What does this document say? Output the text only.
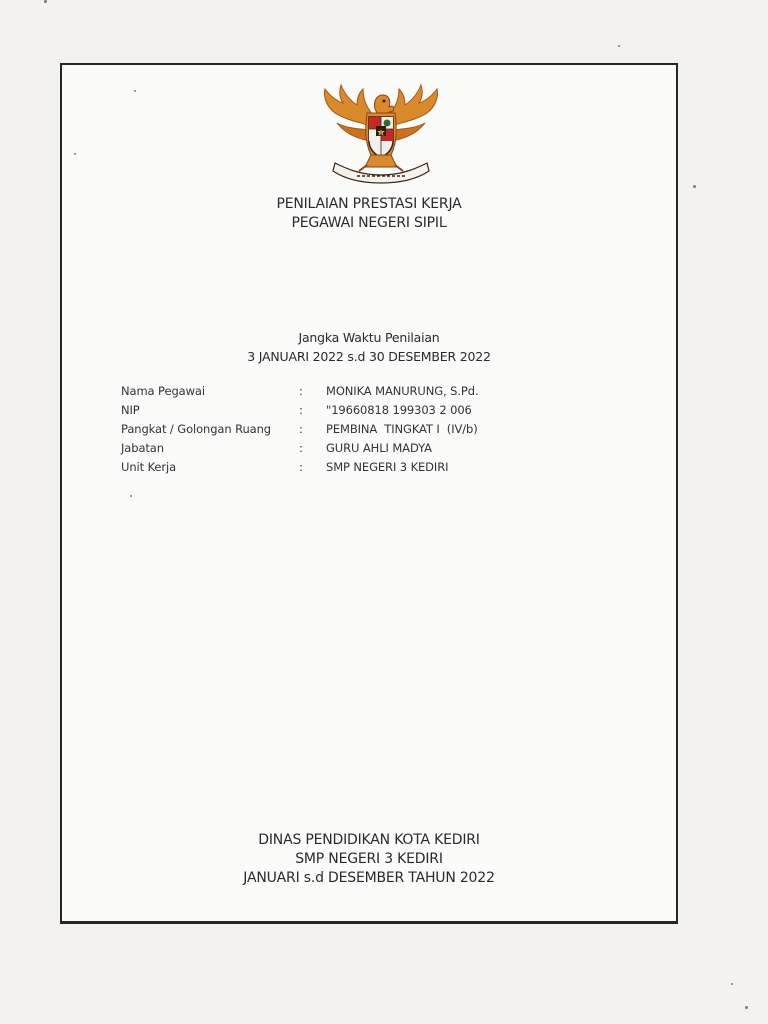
PENILAIAN PRESTASI KERJA
PEGAWAI NEGERI SIPIL
Jangka Waktu Penilaian
3 JANUARI 2022 s.d 30 DESEMBER 2022
Nama Pegawai	:	MONIKA MANURUNG, S.Pd.
NIP	:	"19660818 199303 2 006
Pangkat / Golongan Ruang	:	PEMBINA  TINGKAT I  (IV/b)
Jabatan	:	GURU AHLI MADYA
Unit Kerja	:	SMP NEGERI 3 KEDIRI
DINAS PENDIDIKAN KOTA KEDIRI
SMP NEGERI 3 KEDIRI
JANUARI s.d DESEMBER TAHUN 2022
